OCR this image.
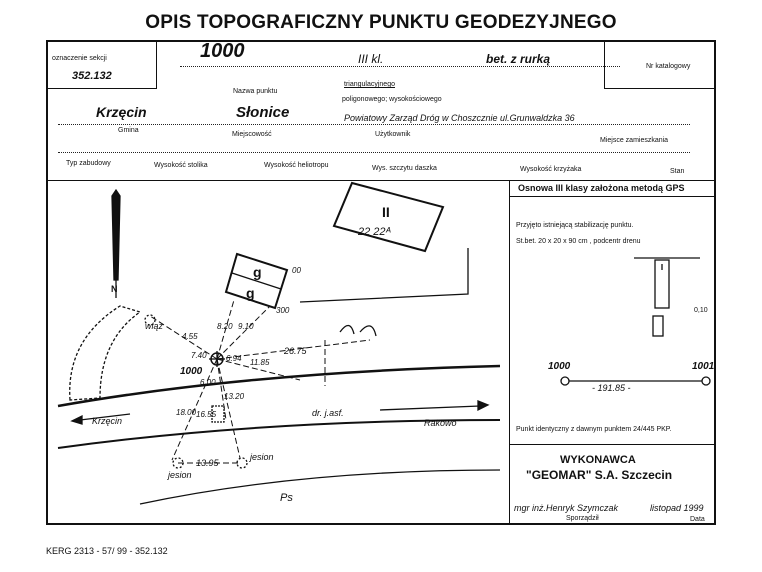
OPIS TOPOGRAFICZNY PUNKTU GEODEZYJNEGO
oznaczenie sekcji
352.132
1000	III kl.	bet. z rurką
Nr katalogowy
Nazwa punktu
triangulacyjnego
poligonowego; wysokościowego
Krzęcin	Słonice	Powiatowy Zarząd Dróg w Choszcznie ul.Grunwaldzka 36
Gmina
Miejscowość	Użytkownik
Miejsce zamieszkania
Typ zabudowy	Wysokość stolika	Wysokość heliotropu	Wys. szczytu daszka	Wysokość krzyżaka	Stan
Osnowa III klasy założona metodą GPS
Przyjęto istniejącą stabilizację punktu.
St.bet. 20 x 20 x 90 cm , podcentr drenu
0,10
1000	1001
- 191.85 -
Punkt identyczny z dawnym punktem 24/445 PKP.
WYKONAWCA
"GEOMAR" S.A. Szczecin
mgr inż.Henryk Szymczak
Sporządził
listopad 1999
Data
KERG 2313 - 57/ 99 - 352.132
N
II
22 22ᴬ
g
g
00
300
wiąz
4.55
8.20 9.10
26.75
7.40 6.94 11.85
1000
6.00
13.20
18.00 16.55
13.95
dr. j.asf.
Krzęcin	Rakowo
jesion
jesion
Ps
